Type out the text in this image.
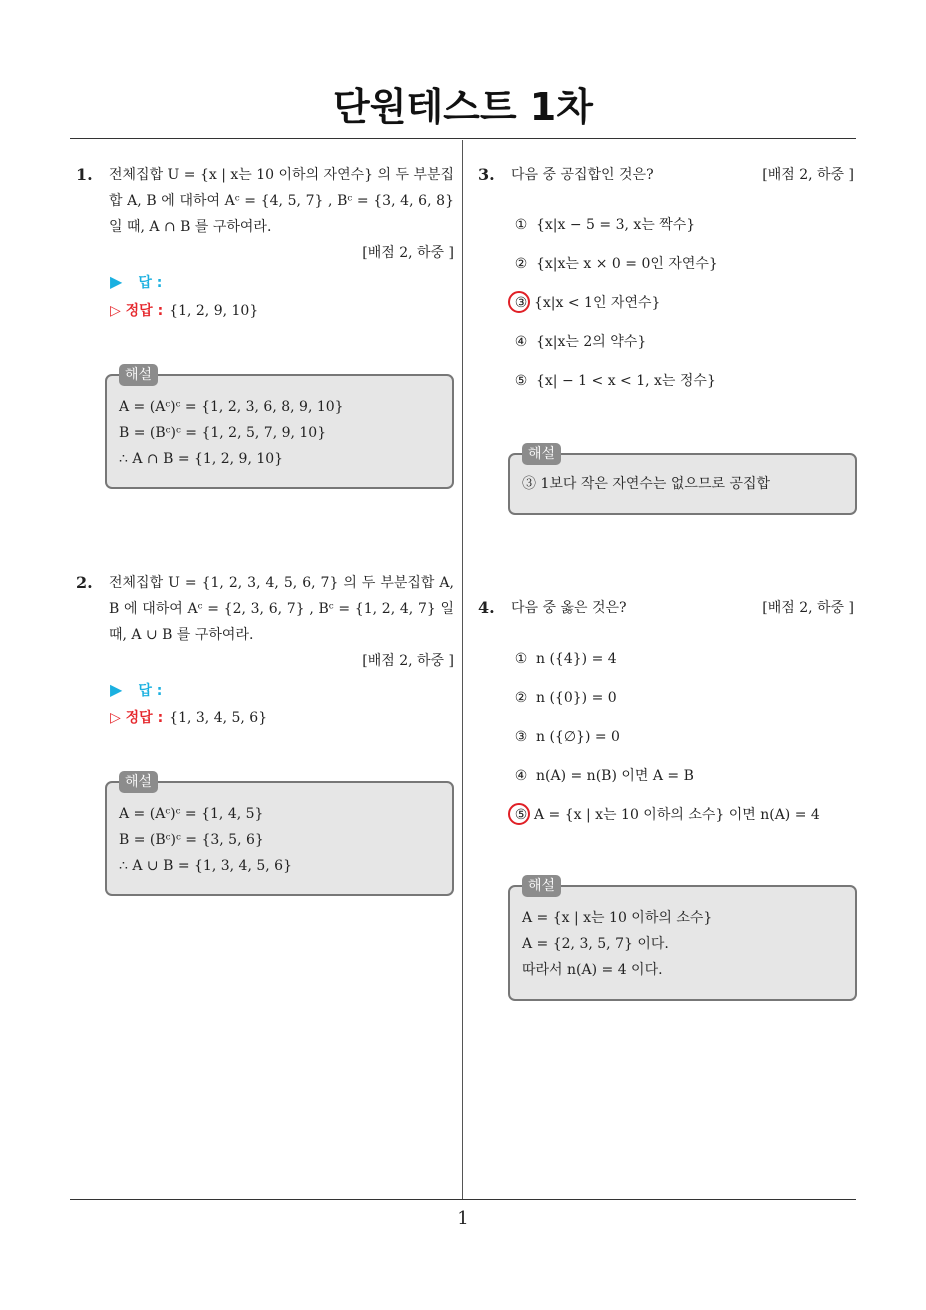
단원테스트 1차
1. 전체집합 U = {x | x는 10 이하의 자연수} 의 두 부분집합 A, B 에 대하여 Aᶜ = {4, 5, 7} , Bᶜ = {3, 4, 6, 8} 일 때, A ∩ B 를 구하여라.
[배점 2, 하중 ]
▶ 답 :
▷ 정답 : {1, 2, 9, 10}
해설
A = (Aᶜ)ᶜ = {1, 2, 3, 6, 8, 9, 10}
B = (Bᶜ)ᶜ = {1, 2, 5, 7, 9, 10}
∴ A ∩ B = {1, 2, 9, 10}
2. 전체집합 U = {1, 2, 3, 4, 5, 6, 7} 의 두 부분집합 A, B 에 대하여 Aᶜ = {2, 3, 6, 7} , Bᶜ = {1, 2, 4, 7} 일 때, A ∪ B 를 구하여라.
[배점 2, 하중 ]
▶ 답 :
▷ 정답 : {1, 3, 4, 5, 6}
해설
A = (Aᶜ)ᶜ = {1, 4, 5}
B = (Bᶜ)ᶜ = {3, 5, 6}
∴ A ∪ B = {1, 3, 4, 5, 6}
3. 다음 중 공집합인 것은?	[배점 2, 하중 ]
① {x|x − 5 = 3, x는 짝수}
② {x|x는 x × 0 = 0인 자연수}
③ {x|x < 1인 자연수}
④ {x|x는 2의 약수}
⑤ {x| − 1 < x < 1, x는 정수}
해설
③ 1보다 작은 자연수는 없으므로 공집합
4. 다음 중 옳은 것은?	[배점 2, 하중 ]
① n ({4}) = 4
② n ({0}) = 0
③ n ({∅}) = 0
④ n(A) = n(B) 이면 A = B
⑤ A = {x | x는 10 이하의 소수} 이면 n(A) = 4
해설
A = {x | x는 10 이하의 소수}
A = {2, 3, 5, 7} 이다.
따라서 n(A) = 4 이다.
1
